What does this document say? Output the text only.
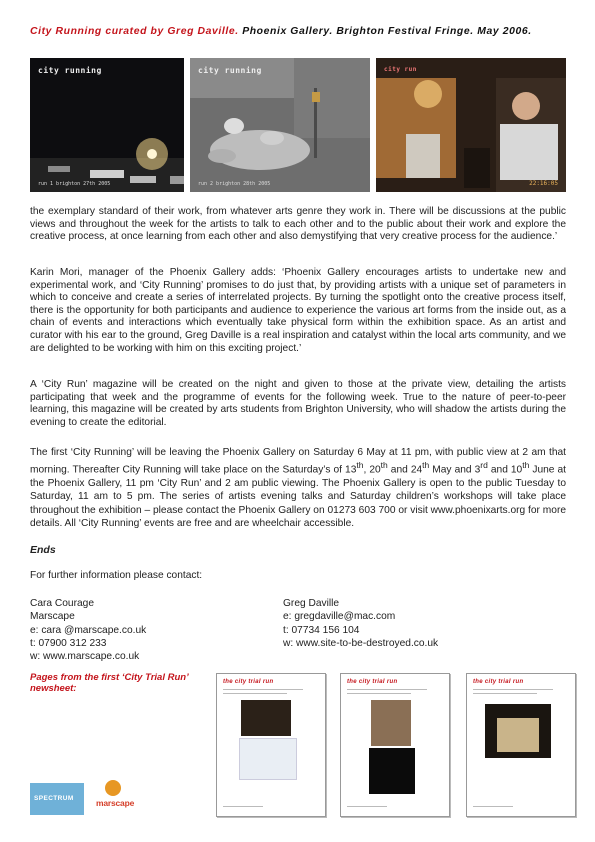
City Running curated by Greg Daville. Phoenix Gallery. Brighton Festival Fringe. May 2006.
city running
run 1 brighton 27th 2005
city running
run 2 brighton 28th 2005
city run
22:16:05

the exemplary standard of their work, from whatever arts genre they work in. There will be discussions at the public views and throughout the week for the artists to talk to each other and to the public about their work and explore the creative process, at once learning from each other and also demystifying that very creative process for the audience.’

Karin Mori, manager of the Phoenix Gallery adds: ‘Phoenix Gallery encourages artists to undertake new and experimental work, and ‘City Running’ promises to do just that, by providing artists with a unique set of parameters in which to conceive and create a series of interrelated projects. By turning the spotlight onto the creative process itself, there is the opportunity for both participants and audience to experience the various art forms from the inside out, as a chain of events and interactions which eventually take physical form within the exhibition space. As an artist and curator with his ear to the ground, Greg Daville is a real inspiration and catalyst within the local arts community, and we are delighted to be working with him on this exciting project.’

A ‘City Run’ magazine will be created on the night and given to those at the private view, detailing the artists participating that week and the programme of events for the following week. True to the nature of peer-to-peer learning, this magazine will be created by arts students from Brighton University, who will shadow the artists during the evening to create the editorial.

The first ‘City Running’ will be leaving the Phoenix Gallery on Saturday 6 May at 11 pm, with public view at 2 am that morning. Thereafter City Running will take place on the Saturday’s of 13th, 20th and 24th May and 3rd and 10th June at the Phoenix Gallery, 11 pm ‘City Run’ and 2 am public viewing. The Phoenix Gallery is open to the public Tuesday to Saturday, 11 am to 5 pm. The series of artists evening talks and Saturday children’s workshops will take place throughout the exhibition – please contact the Phoenix Gallery on 01273 603 700 or visit www.phoenixarts.org for more details. All ‘City Running’ events are free and are wheelchair accessible.

Ends
For further information please contact:
Cara Courage
Marscape
e: cara @marscape.co.uk
t: 07900 312 233
w: www.marscape.co.uk
Greg Daville
e: gregdaville@mac.com
t: 07734 156 104
w: www.site-to-be-destroyed.co.uk
Pages from the first ‘City Trial Run’ newsheet:
the city trial run	the city trial run	the city trial run
SPECTRUM	marscape
